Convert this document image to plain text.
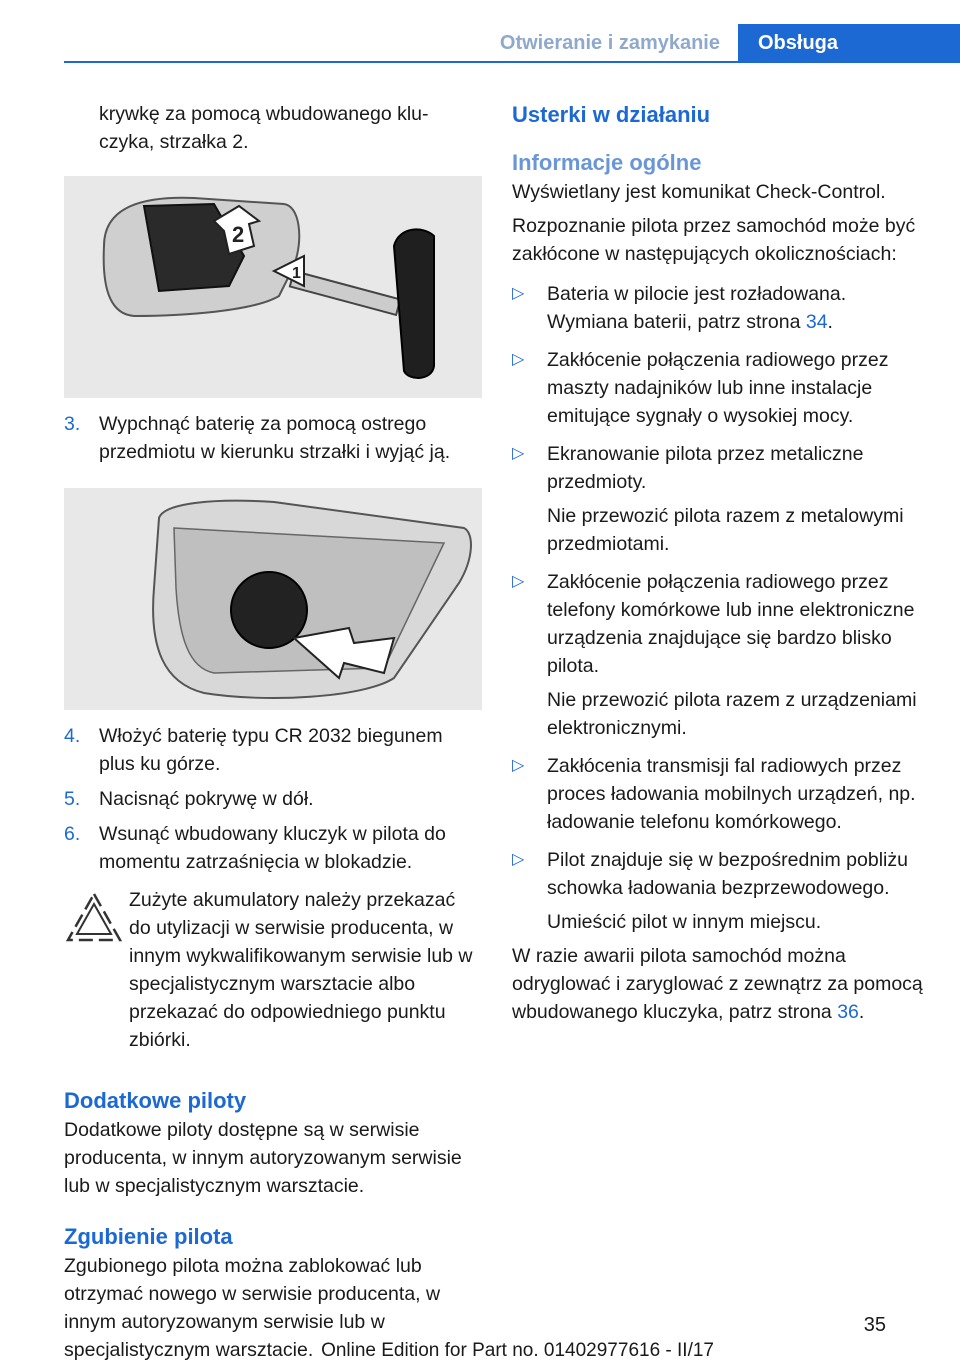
Otwieranie i zamykanie	Obsługa

krywkę za pomocą wbudowanego klu-

czyka, strzałka 2.

2
1
3. Wypchnąć baterię za pomocą ostrego przedmiotu w kierunku strzałki i wyjąć ją.
4. Włożyć baterię typu CR 2032 biegunem plus ku górze.
5. Nacisnąć pokrywę w dół.
6. Wsunąć wbudowany kluczyk w pilota do momentu zatrzaśnięcia w blokadzie.
Zużyte akumulatory należy przekazać do utylizacji w serwisie producenta, w innym wykwalifikowanym serwisie lub w specjalistycznym warsztacie albo przekazać do odpowiedniego punktu zbiórki.
Dodatkowe piloty

Dodatkowe piloty dostępne są w serwisie producenta, w innym autoryzowanym serwisie lub w specjalistycznym warsztacie.

Zgubienie pilota

Zgubionego pilota można zablokować lub otrzymać nowego w serwisie producenta, w innym autoryzowanym serwisie lub w specjalistycznym warsztacie.

Usterki w działaniu
Informacje ogólne

Wyświetlany jest komunikat Check-Control.

Rozpoznanie pilota przez samochód może być zakłócone w następujących okolicznościach:

▷ Bateria w pilocie jest rozładowana. Wymiana baterii, patrz strona 34.
▷ Zakłócenie połączenia radiowego przez maszty nadajników lub inne instalacje emitujące sygnały o wysokiej mocy.
▷ Ekranowanie pilota przez metaliczne przedmioty.

Nie przewozić pilota razem z metalowymi przedmiotami.

▷ Zakłócenie połączenia radiowego przez telefony komórkowe lub inne elektroniczne urządzenia znajdujące się bardzo blisko pilota.

Nie przewozić pilota razem z urządzeniami elektronicznymi.

▷ Zakłócenia transmisji fal radiowych przez proces ładowania mobilnych urządzeń, np. ładowanie telefonu komórkowego.
▷ Pilot znajduje się w bezpośrednim pobliżu schowka ładowania bezprzewodowego.

Umieścić pilot w innym miejscu.

W razie awarii pilota samochód można odryglować i zaryglować z zewnątrz za pomocą wbudowanego kluczyka, patrz strona 36.

35
Online Edition for Part no. 01402977616 - II/17
